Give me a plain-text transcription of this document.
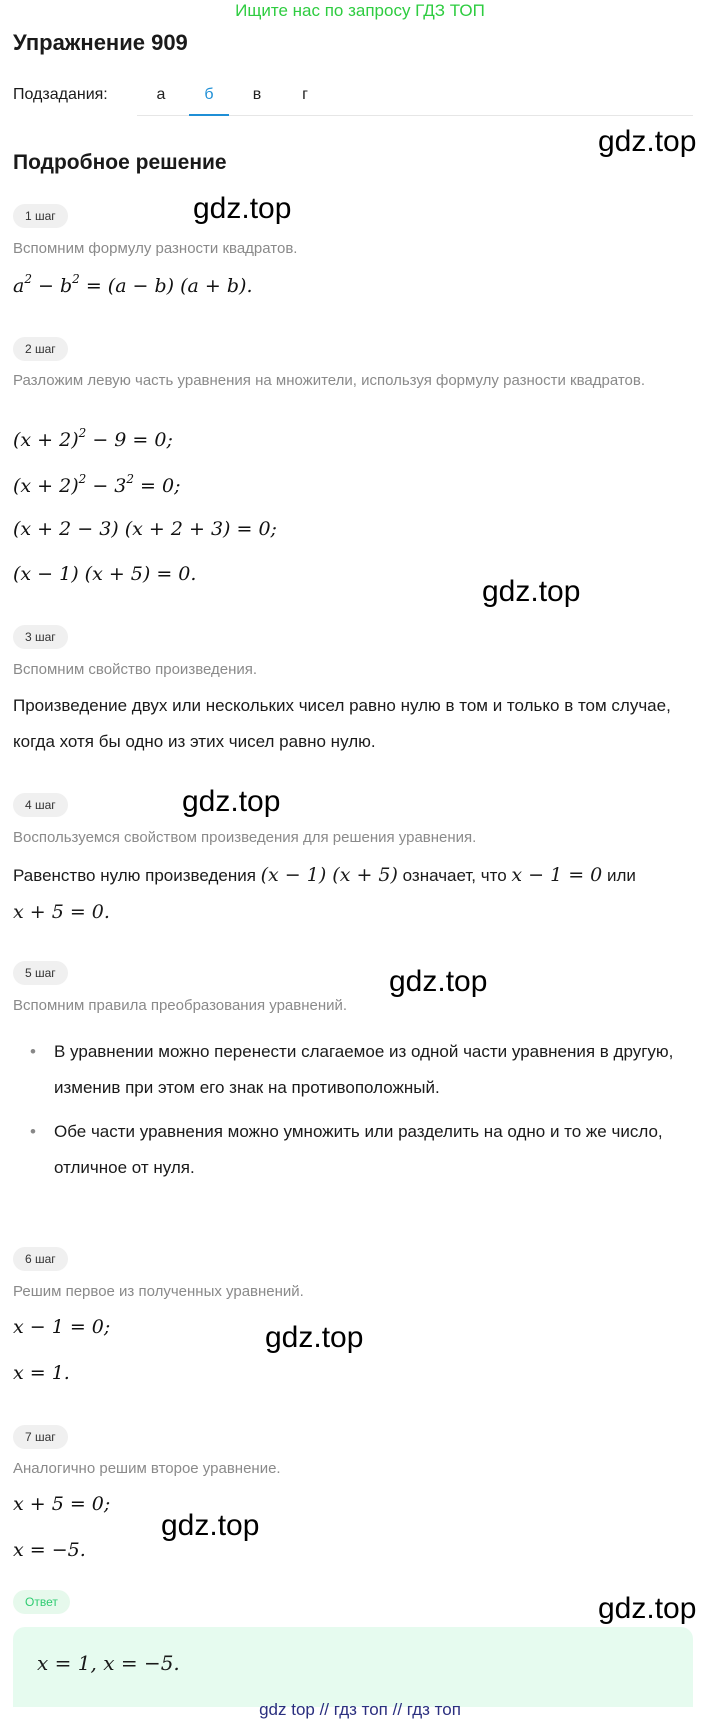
Ищите нас по запросу ГДЗ ТОП
Упражнение 909
Подзадания:	а	б	в	г
Подробное решение
gdz.top
gdz.top
gdz.top
gdz.top
gdz.top
gdz.top
gdz.top
gdz.top
1 шаг
Вспомним формулу разности квадратов.
$a^2 - b^2 = (a - b) (a + b)$.
2 шаг
Разложим левую часть уравнения на множители, используя формулу разности квадратов.
$(x + 2)^2 - 9 = 0$;
$(x + 2)^2 - 3^2 = 0$;
(x + 2 − 3) (x + 2 + 3) = 0;
(x − 1) (x + 5) = 0.
3 шаг
Вспомним свойство произведения.
Произведение двух или нескольких чисел равно нулю в том и только в том случае, когда хотя бы одно из этих чисел равно нулю.
4 шаг
Воспользуемся свойством произведения для решения уравнения.
Равенство нулю произведения (x − 1) (x + 5) означает, что x − 1 = 0 или
x + 5 = 0.
5 шаг
Вспомним правила преобразования уравнений.
• В уравнении можно перенести слагаемое из одной части уравнения в другую, изменив при этом его знак на противоположный.
• Обе части уравнения можно умножить или разделить на одно и то же число, отличное от нуля.
6 шаг
Решим первое из полученных уравнений.
x − 1 = 0;
x = 1.
7 шаг
Аналогично решим второе уравнение.
x + 5 = 0;
x = −5.
Ответ
x = 1, x = −5.
gdz top // гдз топ // гдз топ
